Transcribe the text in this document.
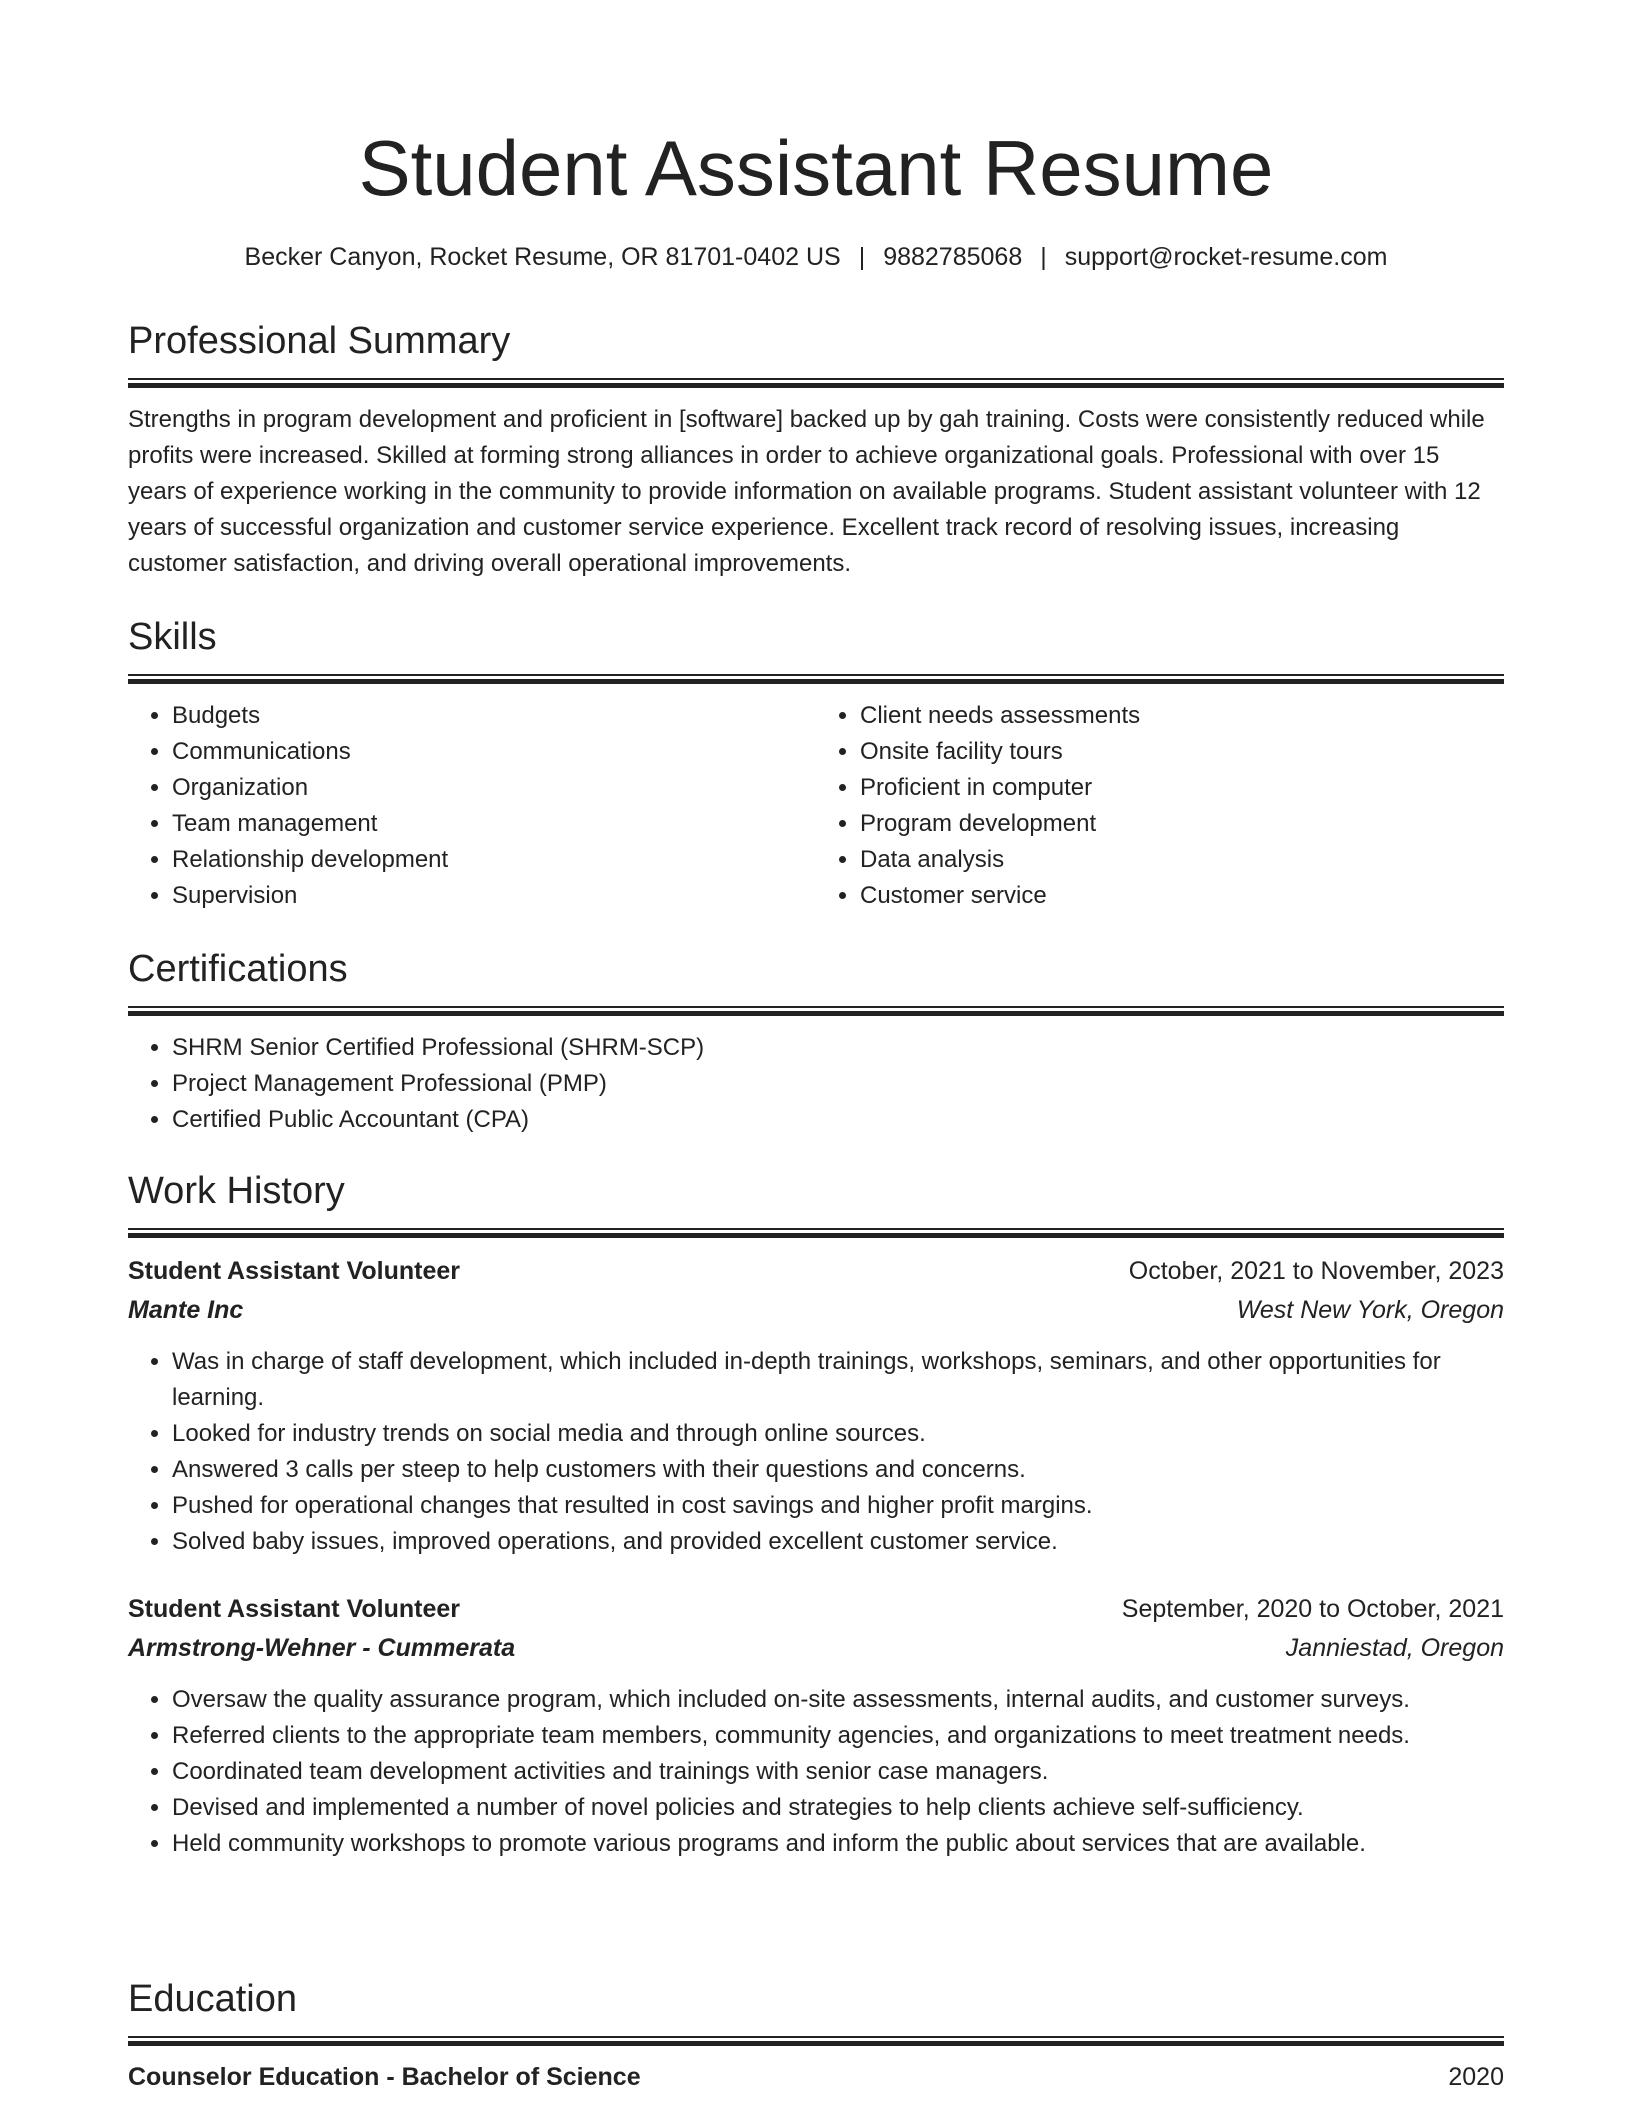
Student Assistant Resume
Becker Canyon, Rocket Resume, OR 81701-0402 US | 9882785068 | support@rocket-resume.com
Professional Summary

Strengths in program development and proficient in [software] backed up by gah training. Costs were consistently reduced while profits were increased. Skilled at forming strong alliances in order to achieve organizational goals. Professional with over 15 years of experience working in the community to provide information on available programs. Student assistant volunteer with 12 years of successful organization and customer service experience. Excellent track record of resolving issues, increasing customer satisfaction, and driving overall operational improvements.

Skills
• Budgets
• Communications
• Organization
• Team management
• Relationship development
• Supervision
• Client needs assessments
• Onsite facility tours
• Proficient in computer
• Program development
• Data analysis
• Customer service
Certifications
• SHRM Senior Certified Professional (SHRM-SCP)
• Project Management Professional (PMP)
• Certified Public Accountant (CPA)
Work History
Student Assistant Volunteer	October, 2021 to November, 2023
Mante Inc	West New York, Oregon
• Was in charge of staff development, which included in-depth trainings, workshops, seminars, and other opportunities for learning.
• Looked for industry trends on social media and through online sources.
• Answered 3 calls per steep to help customers with their questions and concerns.
• Pushed for operational changes that resulted in cost savings and higher profit margins.
• Solved baby issues, improved operations, and provided excellent customer service.
Student Assistant Volunteer	September, 2020 to October, 2021
Armstrong-Wehner - Cummerata	Janniestad, Oregon
• Oversaw the quality assurance program, which included on-site assessments, internal audits, and customer surveys.
• Referred clients to the appropriate team members, community agencies, and organizations to meet treatment needs.
• Coordinated team development activities and trainings with senior case managers.
• Devised and implemented a number of novel policies and strategies to help clients achieve self-sufficiency.
• Held community workshops to promote various programs and inform the public about services that are available.
Education
Counselor Education - Bachelor of Science	2020
